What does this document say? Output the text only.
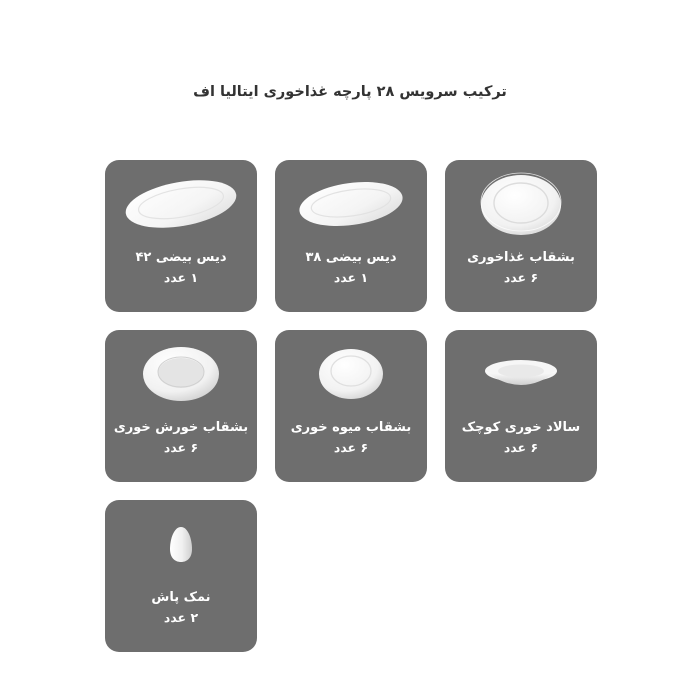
ترکیب سرویس ۲۸ پارچه غذاخوری ایتالیا اف
بشقاب غذاخوری
۶ عدد
دیس بیضی ۳۸
۱ عدد
دیس بیضی ۴۲
۱ عدد
سالاد خوری کوچک
۶ عدد
بشقاب میوه خوری
۶ عدد
بشقاب خورش خوری
۶ عدد
نمک پاش
۲ عدد
